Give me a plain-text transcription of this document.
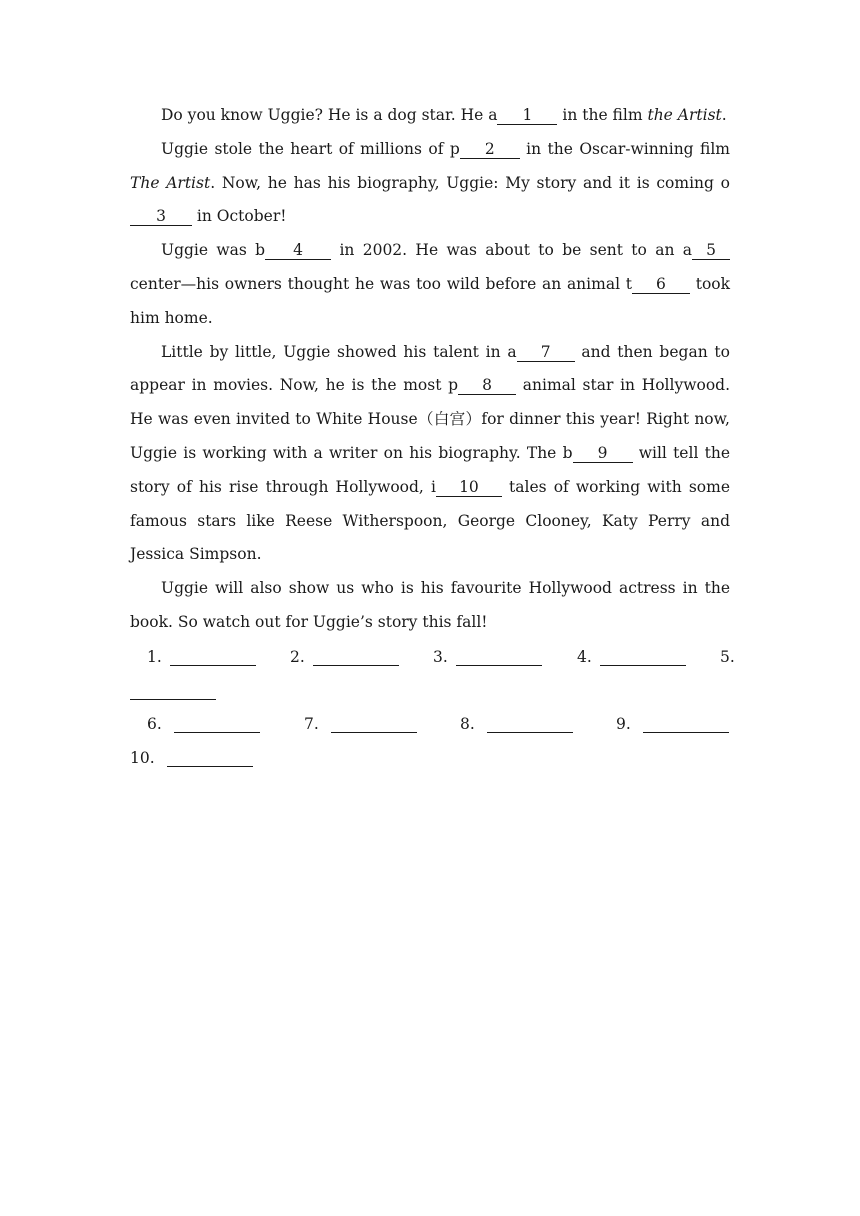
Do you know Uggie? He is a dog star. He a 1 in the film the Artist.

Uggie stole the heart of millions of p 2 in the Oscar-winning film The Artist. Now, he has his biography, Uggie: My story and it is coming o3 in October!

Uggie was b 4 in 2002. He was about to be sent to an a 5 center—his owners thought he was too wild before an animal t 6 took him home.

Little by little, Uggie showed his talent in a 7 and then began to appear in movies. Now, he is the most p 8 animal star in Hollywood. He was even invited to White House（白宫）for dinner this year! Right now, Uggie is working with a writer on his biography. The b 9 will tell the story of his rise through Hollywood, i 10 tales of working with some famous stars like Reese Witherspoon, George Clooney, Katy Perry and Jessica Simpson.

Uggie will also show us who is his favourite Hollywood actress in the book. So watch out for Uggie’s story this fall!

1.	2.	3.	4.	5.
6.	7.	8.	9.
10.
